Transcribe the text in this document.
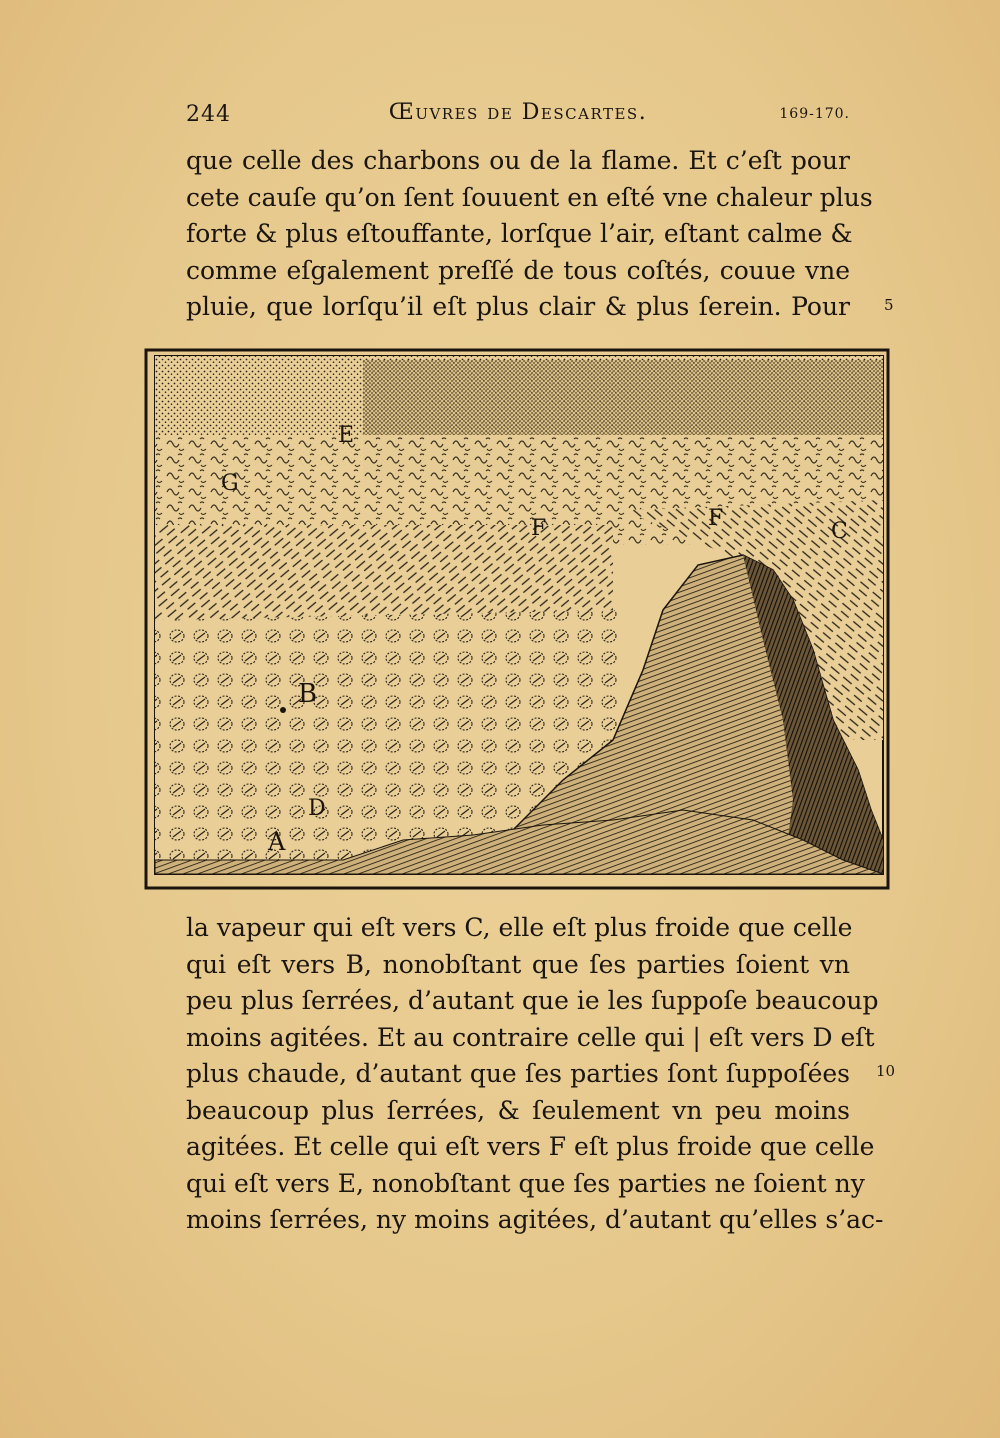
244	Œuvres de Descartes.	169-170.
que celle des charbons ou de la flame. Et c’eſt pour
cete cauſe qu’on ſent ſouuent en eſté vne chaleur plus
forte & plus eſtouffante, lorſque l’air, eſtant calme &
comme eſgalement preſſé de tous coſtés, couue vne
pluie, que lorſqu’il eſt plus clair & plus ſerein. Pour 5
G
E
F	F
C
B
D
A
la vapeur qui eſt vers C, elle eſt plus froide que celle
qui eſt vers B, nonobſtant que ſes parties ſoient vn
peu plus ſerrées, d’autant que ie les ſuppoſe beaucoup
moins agitées. Et au contraire celle qui | eſt vers D eſt
plus chaude, d’autant que ſes parties ſont ſuppoſées
beaucoup plus ſerrées, & ſeulement vn peu moins
agitées. Et celle qui eſt vers F eſt plus froide que celle
qui eſt vers E, nonobſtant que ſes parties ne ſoient ny
moins ſerrées, ny moins agitées, d’autant qu’elles s’ac-
10
